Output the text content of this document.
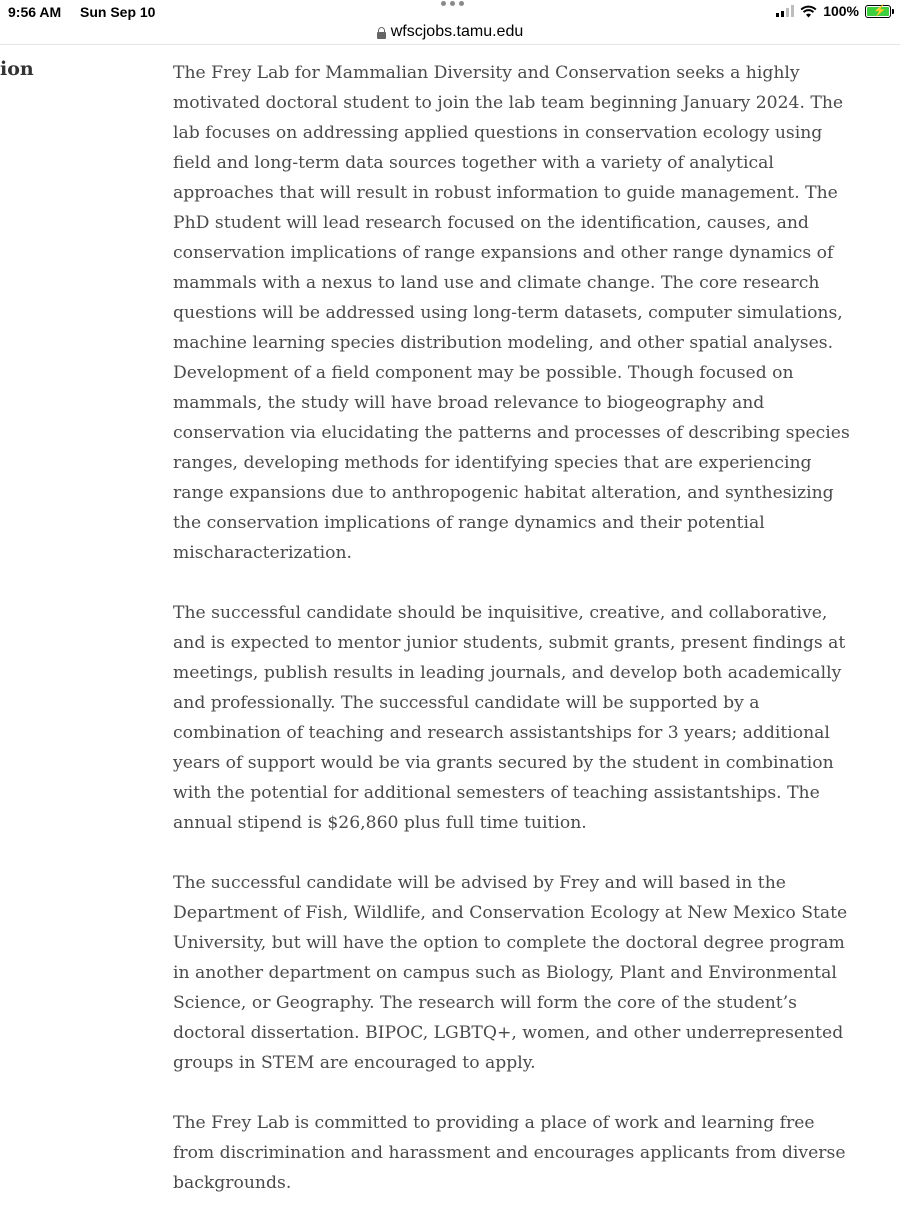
9:56 AM Sun Sep 10	100% ⚡
wfscjobs.tamu.edu
ion	The Frey Lab for Mammalian Diversity and Conservation seeks a highly motivated doctoral student to join the lab team beginning January 2024. The lab focuses on addressing applied questions in conservation ecology using field and long-term data sources together with a variety of analytical approaches that will result in robust information to guide management. The PhD student will lead research focused on the identification, causes, and conservation implications of range expansions and other range dynamics of mammals with a nexus to land use and climate change. The core research questions will be addressed using long-term datasets, computer simulations, machine learning species distribution modeling, and other spatial analyses. Development of a field component may be possible. Though focused on mammals, the study will have broad relevance to biogeography and conservation via elucidating the patterns and processes of describing species ranges, developing methods for identifying species that are experiencing range expansions due to anthropogenic habitat alteration, and synthesizing the conservation implications of range dynamics and their potential mischaracterization.

The successful candidate should be inquisitive, creative, and collaborative, and is expected to mentor junior students, submit grants, present findings at meetings, publish results in leading journals, and develop both academically and professionally. The successful candidate will be supported by a combination of teaching and research assistantships for 3 years; additional years of support would be via grants secured by the student in combination with the potential for additional semesters of teaching assistantships. The annual stipend is $26,860 plus full time tuition.

The successful candidate will be advised by Frey and will based in the Department of Fish, Wildlife, and Conservation Ecology at New Mexico State University, but will have the option to complete the doctoral degree program in another department on campus such as Biology, Plant and Environmental Science, or Geography. The research will form the core of the student’s doctoral dissertation. BIPOC, LGBTQ+, women, and other underrepresented groups in STEM are encouraged to apply.

The Frey Lab is committed to providing a place of work and learning free from discrimination and harassment and encourages applicants from diverse backgrounds.
